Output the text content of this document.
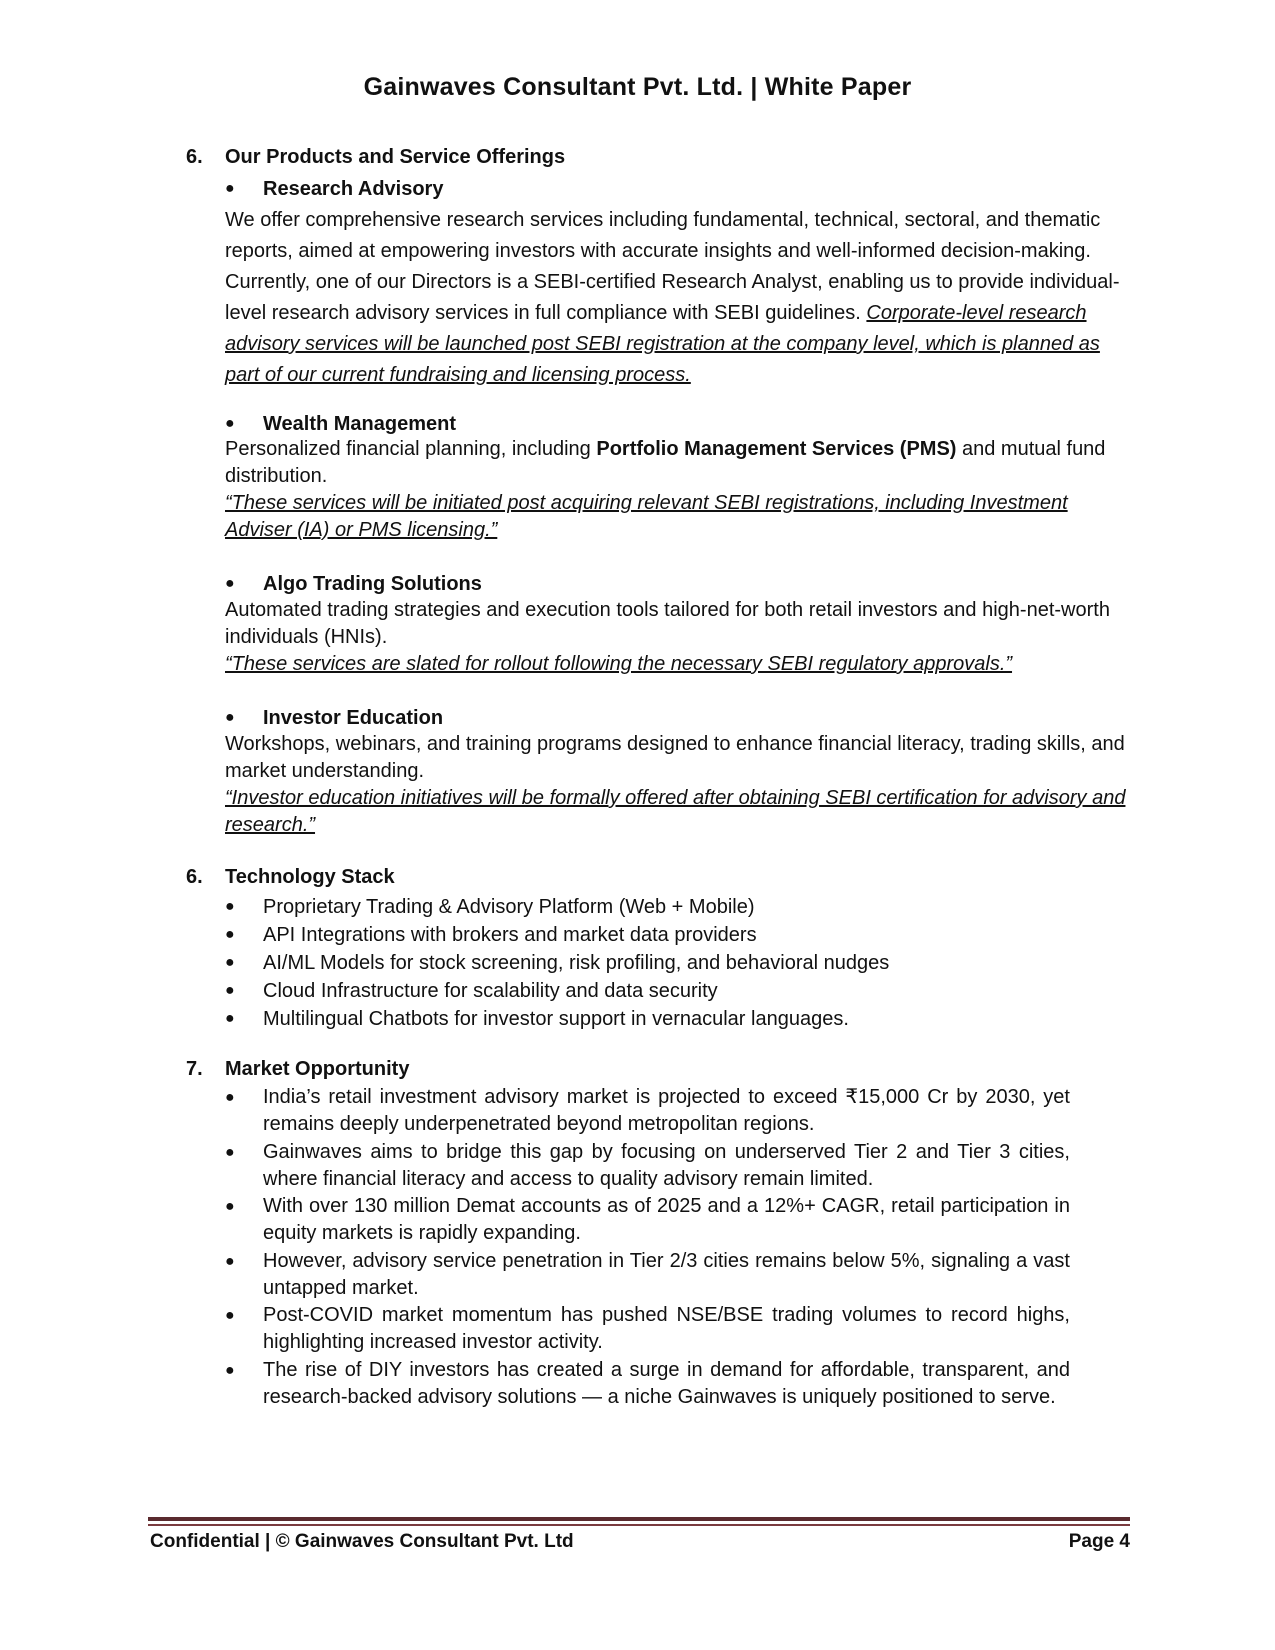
Gainwaves Consultant Pvt. Ltd. | White Paper
6. Our Products and Service Offerings
●	Research Advisory
We offer comprehensive research services including fundamental, technical, sectoral, and thematic reports, aimed at empowering investors with accurate insights and well-informed decision-making. Currently, one of our Directors is a SEBI-certified Research Analyst, enabling us to provide individual-level research advisory services in full compliance with SEBI guidelines. Corporate-level research advisory services will be launched post SEBI registration at the company level, which is planned as part of our current fundraising and licensing process.
●	Wealth Management
Personalized financial planning, including Portfolio Management Services (PMS) and mutual fund distribution.
“These services will be initiated post acquiring relevant SEBI registrations, including Investment Adviser (IA) or PMS licensing.”
●	Algo Trading Solutions
Automated trading strategies and execution tools tailored for both retail investors and high-net-worth individuals (HNIs).
“These services are slated for rollout following the necessary SEBI regulatory approvals.”
●	Investor Education
Workshops, webinars, and training programs designed to enhance financial literacy, trading skills, and market understanding.
“Investor education initiatives will be formally offered after obtaining SEBI certification for advisory and research.”
6. Technology Stack
●	Proprietary Trading & Advisory Platform (Web + Mobile)
●	API Integrations with brokers and market data providers
●	AI/ML Models for stock screening, risk profiling, and behavioral nudges
●	Cloud Infrastructure for scalability and data security
●	Multilingual Chatbots for investor support in vernacular languages.
7. Market Opportunity
●	India’s retail investment advisory market is projected to exceed ₹15,000 Cr by 2030, yet remains deeply underpenetrated beyond metropolitan regions.
●	Gainwaves aims to bridge this gap by focusing on underserved Tier 2 and Tier 3 cities, where financial literacy and access to quality advisory remain limited.
●	With over 130 million Demat accounts as of 2025 and a 12%+ CAGR, retail participation in equity markets is rapidly expanding.
●	However, advisory service penetration in Tier 2/3 cities remains below 5%, signaling a vast untapped market.
●	Post-COVID market momentum has pushed NSE/BSE trading volumes to record highs, highlighting increased investor activity.
●	The rise of DIY investors has created a surge in demand for affordable, transparent, and research-backed advisory solutions — a niche Gainwaves is uniquely positioned to serve.
Confidential | © Gainwaves Consultant Pvt. Ltd	Page 4
